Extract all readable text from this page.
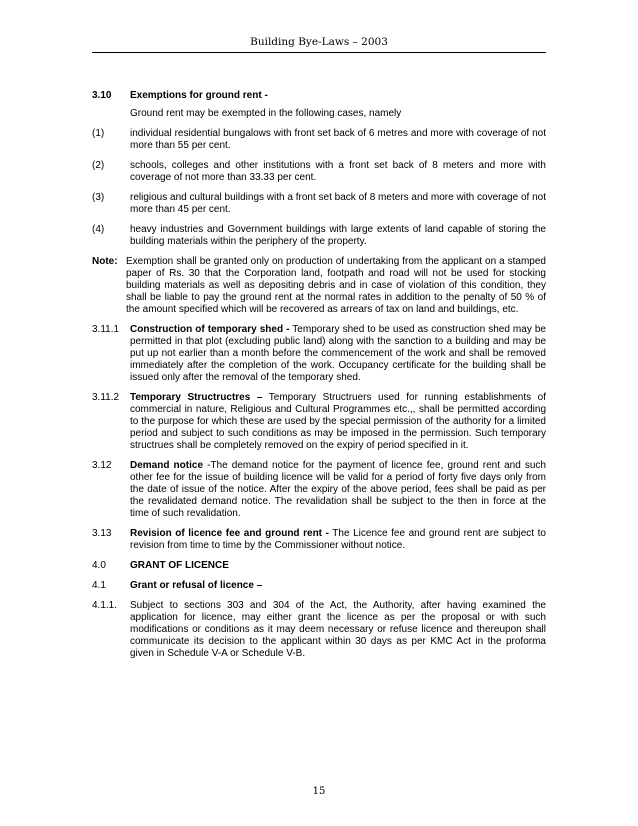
Building Bye-Laws – 2003
3.10	Exemptions for ground rent -
Ground rent may be exempted in the following cases, namely
(1)	individual residential bungalows with front set back of 6 metres and more with coverage of not more than 55 per cent.
(2)	schools, colleges and other institutions with a front set back of 8 meters and more with coverage of not more than 33.33 per cent.
(3)	religious and cultural buildings with a front set back of 8 meters and more with coverage of not more than 45 per cent.
(4)	heavy industries and Government buildings with large extents of land capable of storing the building materials within the periphery of the property.
Note: Exemption shall be granted only on production of undertaking from the applicant on a stamped paper of Rs. 30 that the Corporation land, footpath and road will not be used for stocking building materials as well as depositing debris and in case of violation of this condition, they shall be liable to pay the ground rent at the normal rates in addition to the penalty of 50 % of the amount specified which will be recovered as arrears of tax on land and buildings, etc.
3.11.1	Construction of temporary shed - Temporary shed to be used as construction shed may be permitted in that plot (excluding public land) along with the sanction to a building and may be put up not earlier than a month before the commencement of the work and shall be removed immediately after the completion of the work. Occupancy certificate for the building shall be issued only after the removal of the temporary shed.
3.11.2	Temporary Structructres – Temporary Structruers used for running establishments of commercial in nature, Religious and Cultural Programmes etc.,, shall be permitted according to the purpose for which these are used by the special permission of the authority for a limited period and subject to such conditions as may be imposed in the permission. Such temporary structrues shall be completely removed on the expiry of period specified in it.
3.12	Demand notice -The demand notice for the payment of licence fee, ground rent and such other fee for the issue of building licence will be valid for a period of forty five days only from the date of issue of the notice. After the expiry of the above period, fees shall be paid as per the revalidated demand notice. The revalidation shall be subject to the then in force at the time of such revalidation.
3.13	Revision of licence fee and ground rent - The Licence fee and ground rent are subject to revision from time to time by the Commissioner without notice.
4.0	GRANT OF LICENCE
4.1	Grant or refusal of licence –
4.1.1.	Subject to sections 303 and 304 of the Act, the Authority, after having examined the application for licence, may either grant the licence as per the proposal or with such modifications or conditions as it may deem necessary or refuse licence and thereupon shall communicate its decision to the applicant within 30 days as per KMC Act in the proforma given in Schedule V-A or Schedule V-B.
15
